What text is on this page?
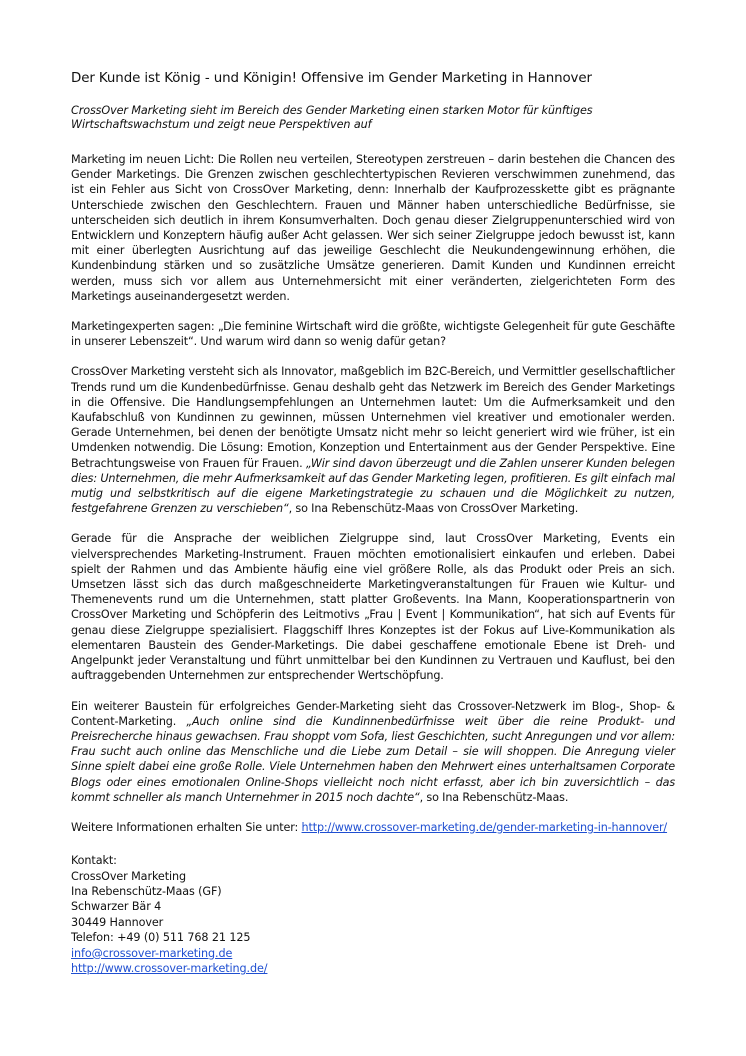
Der Kunde ist König - und Königin! Offensive im Gender Marketing in Hannover

CrossOver Marketing sieht im Bereich des Gender Marketing einen starken Motor für künftiges Wirtschaftswachstum und zeigt neue Perspektiven auf

Marketing im neuen Licht: Die Rollen neu verteilen, Stereotypen zerstreuen – darin bestehen die Chancen des Gender Marketings. Die Grenzen zwischen geschlechtertypischen Revieren verschwimmen zunehmend, das ist ein Fehler aus Sicht von CrossOver Marketing, denn: Innerhalb der Kaufprozesskette gibt es prägnante Unterschiede zwischen den Geschlechtern. Frauen und Männer haben unterschiedliche Bedürfnisse, sie unterscheiden sich deutlich in ihrem Konsumverhalten. Doch genau dieser Zielgruppenunterschied wird von Entwicklern und Konzeptern häufig außer Acht gelassen. Wer sich seiner Zielgruppe jedoch bewusst ist, kann mit einer überlegten Ausrichtung auf das jeweilige Geschlecht die Neukundengewinnung erhöhen, die Kundenbindung stärken und so zusätzliche Umsätze generieren. Damit Kunden und Kundinnen erreicht werden, muss sich vor allem aus Unternehmersicht mit einer veränderten, zielgerichteten Form des Marketings auseinandergesetzt werden.

Marketingexperten sagen: „Die feminine Wirtschaft wird die größte, wichtigste Gelegenheit für gute Geschäfte in unserer Lebenszeit“. Und warum wird dann so wenig dafür getan?

CrossOver Marketing versteht sich als Innovator, maßgeblich im B2C-Bereich, und Vermittler gesellschaftlicher Trends rund um die Kundenbedürfnisse. Genau deshalb geht das Netzwerk im Bereich des Gender Marketings in die Offensive. Die Handlungsempfehlungen an Unternehmen lautet: Um die Aufmerksamkeit und den Kaufabschluß von Kundinnen zu gewinnen, müssen Unternehmen viel kreativer und emotionaler werden. Gerade Unternehmen, bei denen der benötigte Umsatz nicht mehr so leicht generiert wird wie früher, ist ein Umdenken notwendig. Die Lösung: Emotion, Konzeption und Entertainment aus der Gender Perspektive. Eine Betrachtungsweise von Frauen für Frauen. „Wir sind davon überzeugt und die Zahlen unserer Kunden belegen dies: Unternehmen, die mehr Aufmerksamkeit auf das Gender Marketing legen, profitieren. Es gilt einfach mal mutig und selbstkritisch auf die eigene Marketingstrategie zu schauen und die Möglichkeit zu nutzen, festgefahrene Grenzen zu verschieben“, so Ina Rebenschütz-Maas von CrossOver Marketing.

Gerade für die Ansprache der weiblichen Zielgruppe sind, laut CrossOver Marketing, Events ein vielversprechendes Marketing-Instrument. Frauen möchten emotionalisiert einkaufen und erleben. Dabei spielt der Rahmen und das Ambiente häufig eine viel größere Rolle, als das Produkt oder Preis an sich. Umsetzen lässt sich das durch maßgeschneiderte Marketingveranstaltungen für Frauen wie Kultur- und Themenevents rund um die Unternehmen, statt platter Großevents. Ina Mann, Kooperationspartnerin von CrossOver Marketing und Schöpferin des Leitmotivs „Frau | Event | Kommunikation“, hat sich auf Events für genau diese Zielgruppe spezialisiert. Flaggschiff Ihres Konzeptes ist der Fokus auf Live-Kommunikation als elementaren Baustein des Gender-Marketings. Die dabei geschaffene emotionale Ebene ist Dreh- und Angelpunkt jeder Veranstaltung und führt unmittelbar bei den Kundinnen zu Vertrauen und Kauflust, bei den auftraggebenden Unternehmen zur entsprechender Wertschöpfung.

Ein weiterer Baustein für erfolgreiches Gender-Marketing sieht das Crossover-Netzwerk im Blog-, Shop- & Content-Marketing. „Auch online sind die Kundinnenbedürfnisse weit über die reine Produkt- und Preisrecherche hinaus gewachsen. Frau shoppt vom Sofa, liest Geschichten, sucht Anregungen und vor allem: Frau sucht auch online das Menschliche und die Liebe zum Detail – sie will shoppen. Die Anregung vieler Sinne spielt dabei eine große Rolle. Viele Unternehmen haben den Mehrwert eines unterhaltsamen Corporate Blogs oder eines emotionalen Online-Shops vielleicht noch nicht erfasst, aber ich bin zuversichtlich – das kommt schneller als manch Unternehmer in 2015 noch dachte“, so Ina Rebenschütz-Maas.

Weitere Informationen erhalten Sie unter: http://www.crossover-marketing.de/gender-marketing-in-hannover/

Kontakt:
CrossOver Marketing
Ina Rebenschütz-Maas (GF)
Schwarzer Bär 4
30449 Hannover
Telefon: +49 (0) 511 768 21 125
info@crossover-marketing.de
http://www.crossover-marketing.de/
